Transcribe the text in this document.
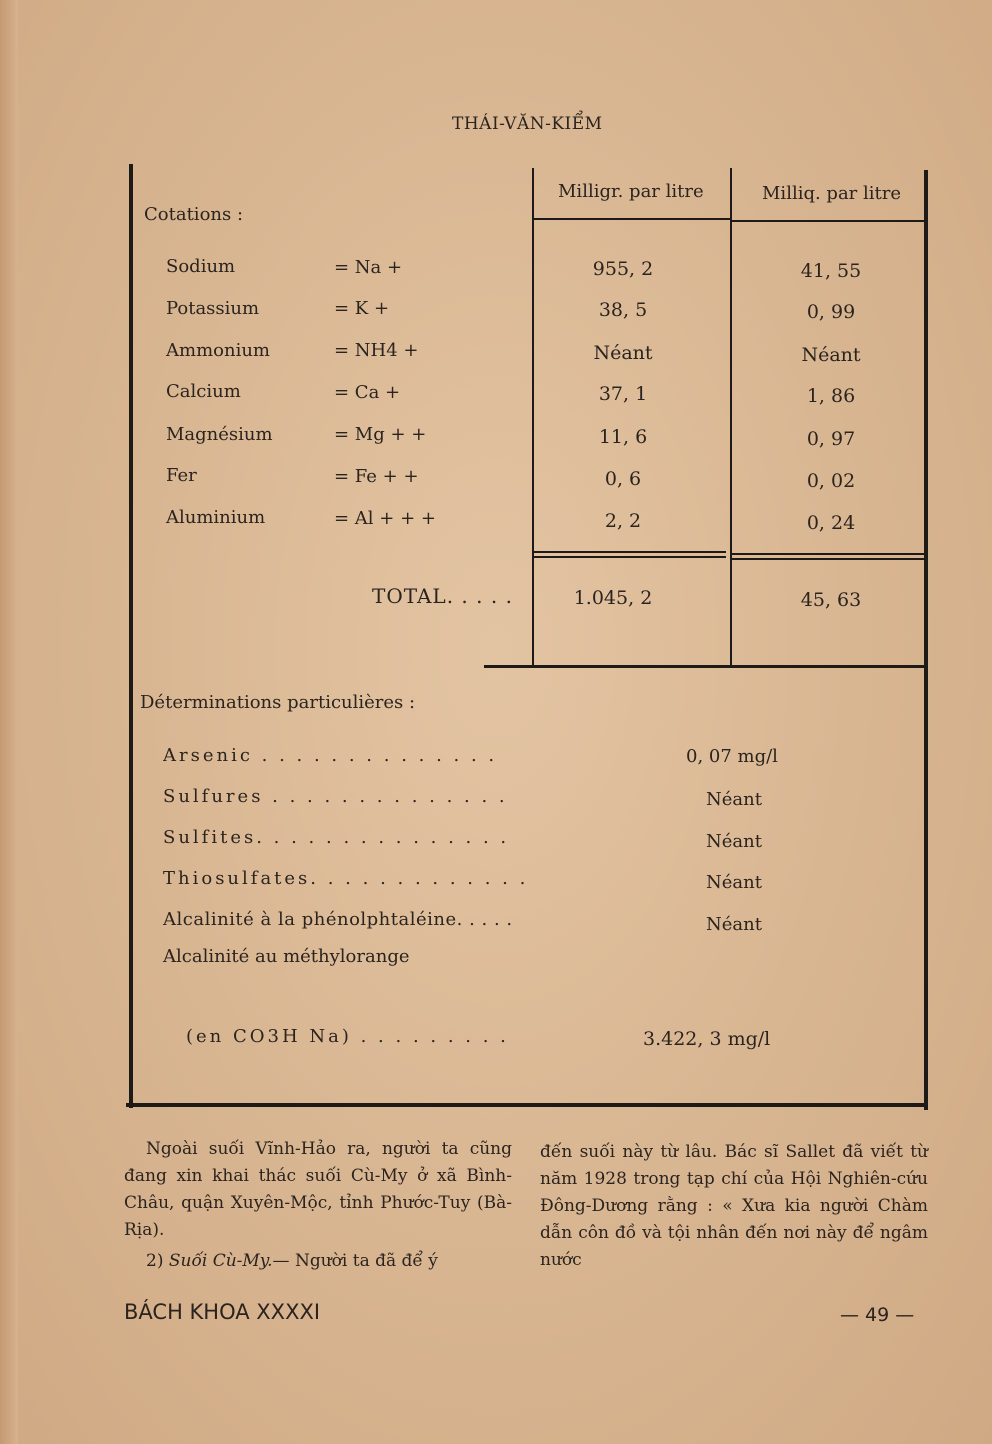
THÁI-VĂN-KIỂM
Cotations :
Milligr. par litre	Milliq. par litre
Sodium	= Na +	955, 2	41, 55
Potassium	= K +	38, 5	0, 99
Ammonium	= NH4 +	Néant	Néant
Calcium	= Ca +	37, 1	1, 86
Magnésium	= Mg + +	11, 6	0, 97
Fer	= Fe + +	0, 6	0, 02
Aluminium	= Al + + +	2, 2	0, 24
TOTAL. . . . .	1.045, 2	45, 63
Déterminations particulières :
Arsenic . . . . . . . . . . . . . .	0, 07 mg/l
Sulfures . . . . . . . . . . . . . .	Néant
Sulfites. . . . . . . . . . . . . . .	Néant
Thiosulfates. . . . . . . . . . . . .	Néant
Alcalinité à la phénolphtaléine. . . . .	Néant
Alcalinité au méthylorange
(en CO3H Na) . . . . . . . . .	3.422, 3 mg/l

Ngoài suối Vĩnh-Hảo ra, người ta cũng đang xin khai thác suối Cù-My ở xã Bình-Châu, quận Xuyên-Mộc, tỉnh Phước-Tuy (Bà-Rịa).

2) Suối Cù-My.— Người ta đã để ý

đến suối này từ lâu. Bác sĩ Sallet đã viết từ năm 1928 trong tạp chí của Hội Nghiên-cứu Đông-Dương rằng : « Xưa kia người Chàm dẫn côn đồ và tội nhân đến nơi này để ngâm nước

BÁCH KHOA XXXXI	— 49 —
